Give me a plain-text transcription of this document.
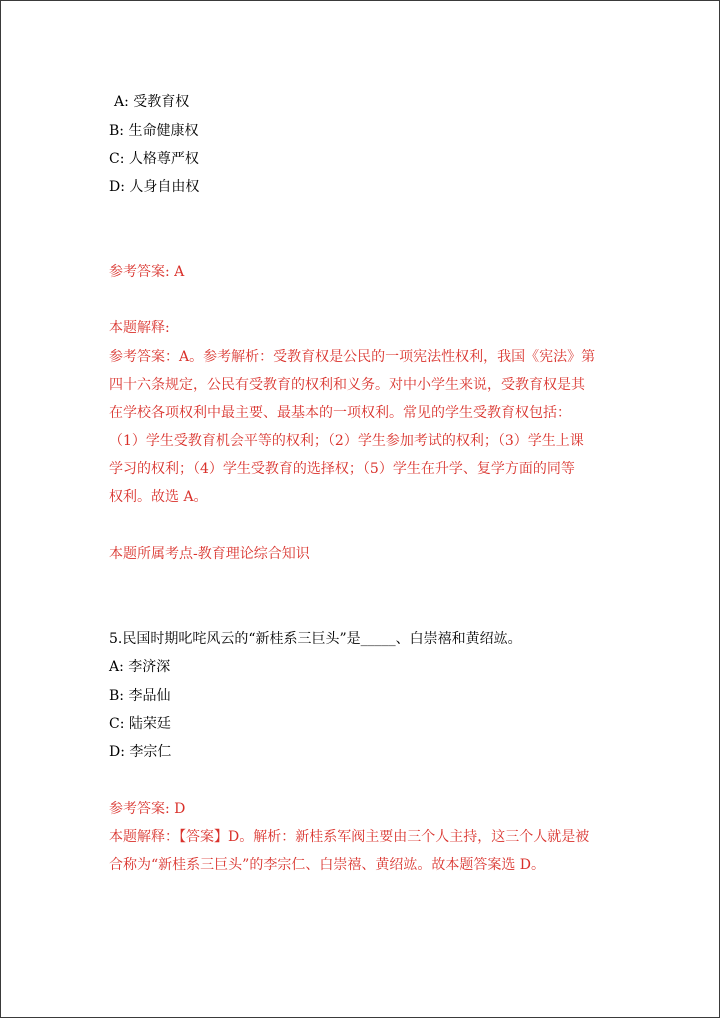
A: 受教育权
B: 生命健康权
C: 人格尊严权
D: 人身自由权
参考答案: A
本题解释:
参考答案：A。参考解析：受教育权是公民的一项宪法性权利，我国《宪法》第
四十六条规定，公民有受教育的权利和义务。对中小学生来说，受教育权是其
在学校各项权利中最主要、最基本的一项权利。常见的学生受教育权包括：
（1）学生受教育机会平等的权利；（2）学生参加考试的权利；（3）学生上课
学习的权利；（4）学生受教育的选择权；（5）学生在升学、复学方面的同等
权利。故选 A。
本题所属考点-教育理论综合知识
5.民国时期叱咤风云的“新桂系三巨头”是_____、白崇禧和黄绍竑。
A: 李济深
B: 李品仙
C: 陆荣廷
D: 李宗仁
参考答案: D
本题解释：【答案】D。解析：新桂系军阀主要由三个人主持，这三个人就是被
合称为“新桂系三巨头”的李宗仁、白崇禧、黄绍竑。故本题答案选 D。
